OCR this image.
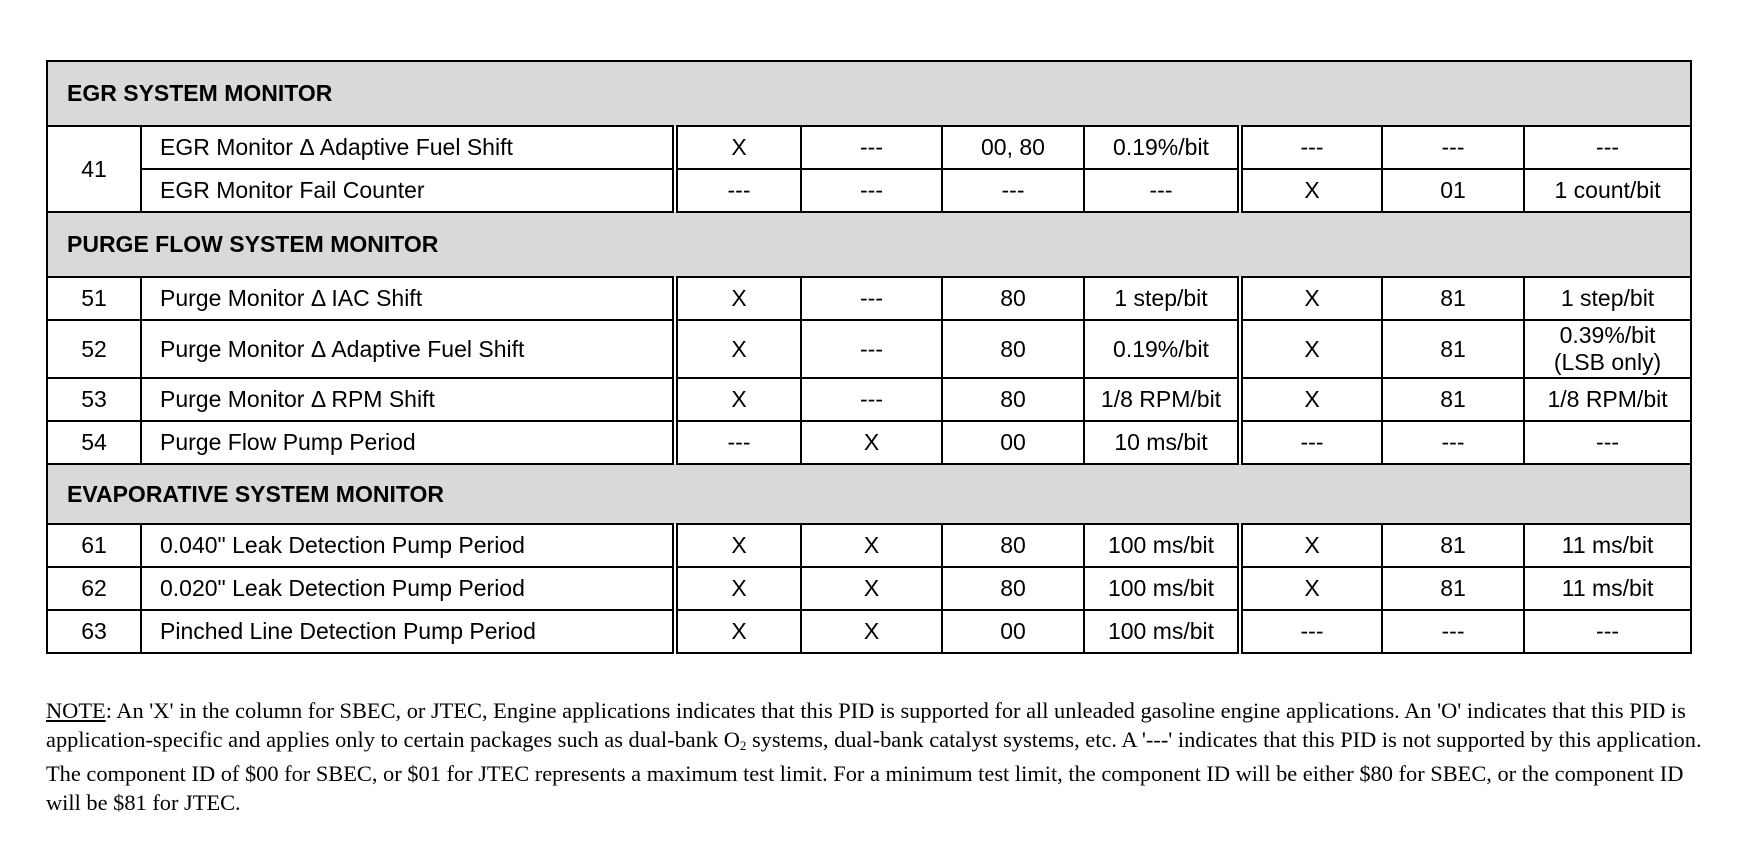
EGR SYSTEM MONITOR								
41	EGR Monitor Δ Adaptive Fuel Shift	X	---	00, 80	0.19%/bit	---	---	---
	EGR Monitor Fail Counter	---	---	---	---	X	01	1 count/bit
PURGE FLOW SYSTEM MONITOR								
51	Purge Monitor Δ IAC Shift	X	---	80	1 step/bit	X	81	1 step/bit
52	Purge Monitor Δ Adaptive Fuel Shift	X	---	80	0.19%/bit	X	81	0.39%/bit
(LSB only)

53	Purge Monitor Δ RPM Shift	X	---	80	1/8 RPM/bit	X	81	1/8 RPM/bit
54	Purge Flow Pump Period	---	X	00	10 ms/bit	---	---	---
EVAPORATIVE SYSTEM MONITOR								
61	0.040" Leak Detection Pump Period	X	X	80	100 ms/bit	X	81	11 ms/bit
62	0.020" Leak Detection Pump Period	X	X	80	100 ms/bit	X	81	11 ms/bit
63	Pinched Line Detection Pump Period	X	X	00	100 ms/bit	---	---	---
NOTE: An 'X' in the column for SBEC, or JTEC, Engine applications indicates that this PID is supported for all unleaded gasoline engine applications. An 'O' indicates that this PID is application-specific and applies only to certain packages such as dual-bank $O_2$ systems, dual-bank catalyst systems, etc. A '---' indicates that this PID is not supported by this application. The component ID of $00 for SBEC, or $01 for JTEC represents a maximum test limit. For a minimum test limit, the component ID will be either $80 for SBEC, or the component ID will be $81 for JTEC.
